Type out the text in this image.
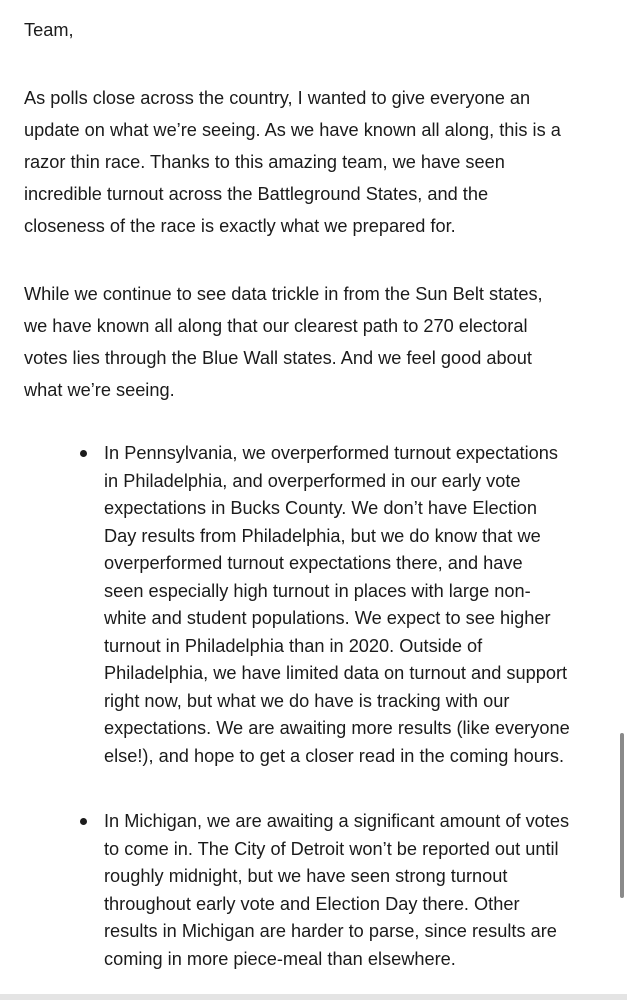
Team,
As polls close across the country, I wanted to give everyone an
update on what we’re seeing. As we have known all along, this is a
razor thin race. Thanks to this amazing team, we have seen
incredible turnout across the Battleground States, and the
closeness of the race is exactly what we prepared for.
While we continue to see data trickle in from the Sun Belt states,
we have known all along that our clearest path to 270 electoral
votes lies through the Blue Wall states. And we feel good about
what we’re seeing.
In Pennsylvania, we overperformed turnout expectations
in Philadelphia, and overperformed in our early vote
expectations in Bucks County. We don’t have Election
Day results from Philadelphia, but we do know that we
overperformed turnout expectations there, and have
seen especially high turnout in places with large non-
white and student populations. We expect to see higher
turnout in Philadelphia than in 2020. Outside of
Philadelphia, we have limited data on turnout and support
right now, but what we do have is tracking with our
expectations. We are awaiting more results (like everyone
else!), and hope to get a closer read in the coming hours.
In Michigan, we are awaiting a significant amount of votes
to come in. The City of Detroit won’t be reported out until
roughly midnight, but we have seen strong turnout
throughout early vote and Election Day there. Other
results in Michigan are harder to parse, since results are
coming in more piece-meal than elsewhere.
